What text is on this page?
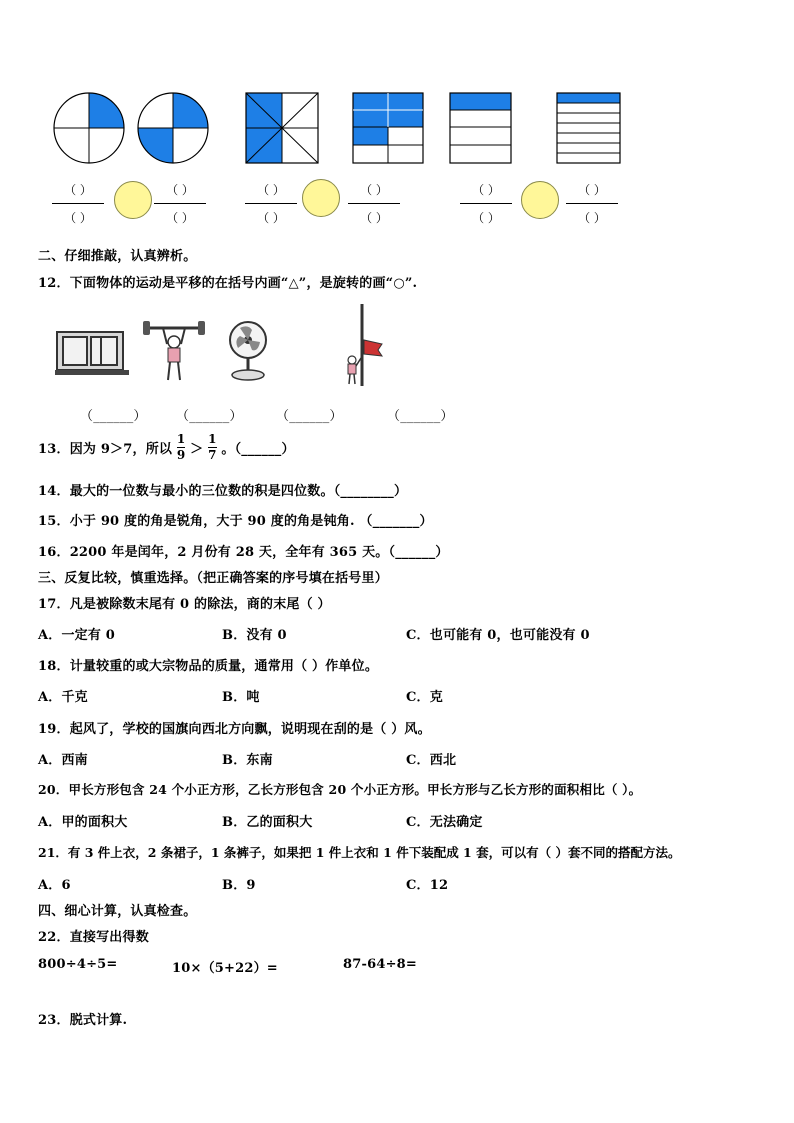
（ ）
（ ）
（ ）
（ ）
（ ）
（ ）
（ ）
（ ）
（ ）
（ ）
（ ）
（ ）
二、仔细推敲，认真辨析。
12．下面物体的运动是平移的在括号内画“△”，是旋转的画“○”.
（______） （______）	（______）	（______）
13．因为 9＞7，所以 $\frac{1}{9} > \frac{1}{7}$ 。（______）
14．最大的一位数与最小的三位数的积是四位数。（________）
15．小于 90 度的角是锐角，大于 90 度的角是钝角. （_______）
16．2200 年是闰年，2 月份有 28 天，全年有 365 天。（______）
三、反复比较，慎重选择。（把正确答案的序号填在括号里）
17．凡是被除数末尾有 0 的除法，商的末尾（ ）
A．一定有 0	B．没有 0	C．也可能有 0，也可能没有 0
18．计量较重的或大宗物品的质量，通常用（ ）作单位。
A．千克	B．吨	C．克
19．起风了，学校的国旗向西北方向飘，说明现在刮的是（ ）风。
A．西南	B．东南	C．西北
20．甲长方形包含 24 个小正方形，乙长方形包含 20 个小正方形。甲长方形与乙长方形的面积相比（ ）。
A．甲的面积大	B．乙的面积大	C．无法确定
21．有 3 件上衣，2 条裙子，1 条裤子，如果把 1 件上衣和 1 件下装配成 1 套，可以有（ ）套不同的搭配方法。
A．6	B．9	C．12
四、细心计算，认真检查。
22．直接写出得数
800÷4÷5=	10×（5+22）=	87-64÷8=
23．脱式计算.
